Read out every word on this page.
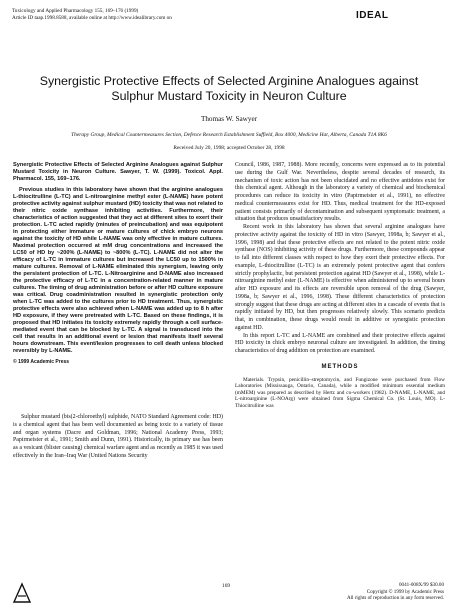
Toxicology and Applied Pharmacology 155, 169–176 (1999)
Article ID taap.1998.8588, available online at http://www.idealibrary.com on	IDEAL
Synergistic Protective Effects of Selected Arginine Analogues against Sulphur Mustard Toxicity in Neuron Culture
Thomas W. Sawyer
Therapy Group, Medical Countermeasures Section, Defence Research Establishment Suffield, Box 4000, Medicine Hat, Alberta, Canada T1A 8K6
Received July 20, 1998; accepted October 28, 1998

Synergistic Protective Effects of Selected Arginine Analogues against Sulphur Mustard Toxicity in Neuron Culture. Sawyer, T. W. (1999). Toxicol. Appl. Pharmacol. 155, 169–176.

Previous studies in this laboratory have shown that the arginine analogues L-thiocitrulline (L-TC) and L-nitroarginine methyl ester (L-NAME) have potent protective activity against sulphur mustard (HD) toxicity that was not related to their nitric oxide synthase inhibiting activities. Furthermore, their characteristics of action suggested that they act at different sites to exert their protection. L-TC acted rapidly (minutes of preincubation) and was equipotent in protecting either immature or mature cultures of chick embryo neurons against the toxicity of HD while L-NAME was only effective in mature cultures. Maximal protection occurred at mM drug concentrations and increased the LC50 of HD by ~200% (L-NAME) to ~800% (L-TC). L-NAME did not alter the efficacy of L-TC in immature cultures but increased the LC50 up to 1500% in mature cultures. Removal of L-NAME eliminated this synergism, leaving only the persistent protection of L-TC. L-Nitroarginine and D-NAME also increased the protective efficacy of L-TC in a concentration-related manner in mature cultures. The timing of drug administration before or after HD culture exposure was critical. Drug coadministration resulted in synergistic protection only when L-TC was added to the cultures prior to HD treatment. Thus, synergistic protective effects were also achieved when L-NAME was added up to 8 h after HD exposure, if they were pretreated with L-TC. Based on these findings, it is proposed that HD initiates its toxicity extremely rapidly through a cell surface-mediated event that can be blocked by L-TC. A signal is transduced into the cell that results in an additional event or lesion that manifests itself several hours downstream. This event/lesion progresses to cell death unless blocked reversibly by L-NAME.

© 1999 Academic Press

Sulphur mustard (bis(2-chloroethyl) sulphide, NATO Standard Agreement code: HD) is a chemical agent that has been well documented as being toxic to a variety of tissue and organ systems (Dacre and Goldman, 1996; National Academy Press, 1993; Papirmeister et al., 1991; Smith and Dunn, 1991). Historically, its primary use has been as a vesicant (blister causing) chemical warfare agent and as recently as 1985 it was used effectively in the Iran–Iraq War (United Nations Security

Council, 1986, 1987, 1988). More recently, concerns were expressed as to its potential use during the Gulf War. Nevertheless, despite several decades of research, its mechanism of toxic action has not been elucidated and no effective antidotes exist for this chemical agent. Although in the laboratory a variety of chemical and biochemical procedures can reduce its toxicity in vitro (Papirmeister et al., 1991), no effective medical countermeasures exist for HD. Thus, medical treatment for the HD-exposed patient consists primarily of decontamination and subsequent symptomatic treatment, a situation that produces unsatisfactory results.

Recent work in this laboratory has shown that several arginine analogues have protective activity against the toxicity of HD in vitro (Sawyer, 1998a, b; Sawyer et al., 1996, 1998) and that these protective effects are not related to the potent nitric oxide synthase (NOS) inhibiting activity of these drugs. Furthermore, these compounds appear to fall into different classes with respect to how they exert their protective effects. For example, L-thiocitrulline (L-TC) is an extremely potent protective agent that confers strictly prophylactic, but persistent protection against HD (Sawyer et al., 1998), while L-nitroarginine methyl ester (L-NAME) is effective when administered up to several hours after HD exposure and its effects are reversible upon removal of the drug (Sawyer, 1998a, b; Sawyer et al., 1996, 1998). These different characteristics of protection strongly suggest that these drugs are acting at different sites in a cascade of events that is rapidly initiated by HD, but then progresses relatively slowly. This scenario predicts that, in combination, these drugs would result in additive or synergistic protection against HD.

In this report L-TC and L-NAME are combined and their protective effects against HD toxicity in chick embryo neuronal culture are investigated. In addition, the timing characteristics of drug addition on protection are examined.

METHODS

Materials. Trypsin, penicillin–streptomycin, and Fungizone were purchased from Flow Laboratories (Mississauga, Ontario, Canada), while a modified minimum essential medium (mMEM) was prepared as described by Hertz and co-workers (1982). D-NAME, L-NAME, and L-nitroarginine (L-NOArg) were obtained from Sigma Chemical Co. (St. Louis, MO). L-Thiocitrulline was

169	0041-008X/99 $30.00
Copyright © 1999 by Academic Press
All rights of reproduction in any form reserved.
